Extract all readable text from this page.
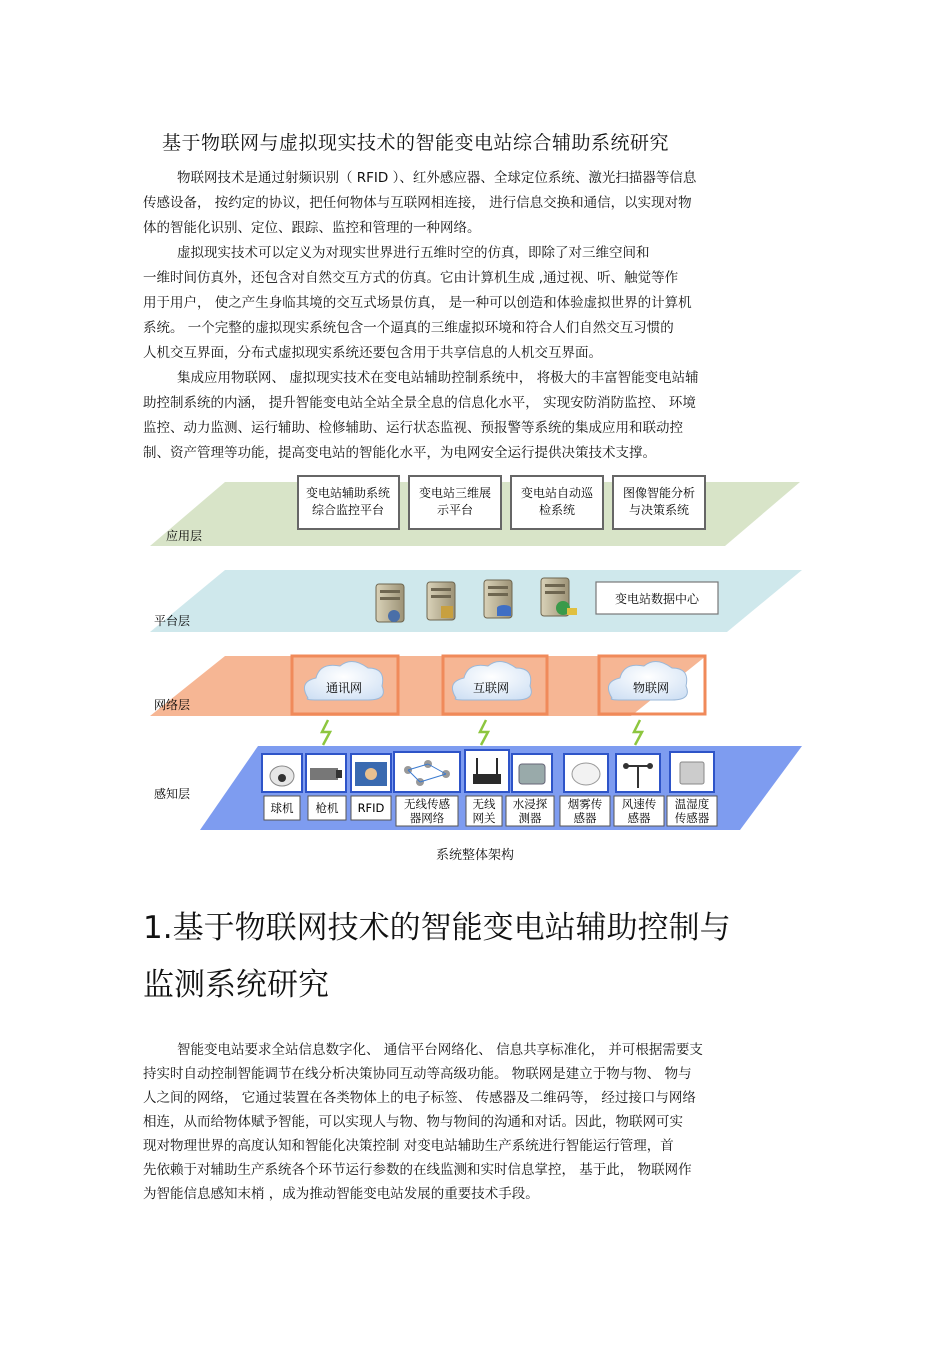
基于物联网与虚拟现实技术的智能变电站综合辅助系统研究
物联网技术是通过射频识别（ RFID ）、红外感应器、全球定位系统、激光扫描器等信息
传感设备， 按约定的协议，把任何物体与互联网相连接， 进行信息交换和通信，以实现对物
体的智能化识别、定位、跟踪、监控和管理的一种网络。
虚拟现实技术可以定义为对现实世界进行五维时空的仿真，即除了对三维空间和
一维时间仿真外，还包含对自然交互方式的仿真。它由计算机生成 ,通过视、听、触觉等作
用于用户， 使之产生身临其境的交互式场景仿真， 是一种可以创造和体验虚拟世界的计算机
系统。 一个完整的虚拟现实系统包含一个逼真的三维虚拟环境和符合人们自然交互习惯的
人机交互界面，分布式虚拟现实系统还要包含用于共享信息的人机交互界面。
集成应用物联网、 虚拟现实技术在变电站辅助控制系统中， 将极大的丰富智能变电站辅
助控制系统的内涵， 提升智能变电站全站全景全息的信息化水平， 实现安防消防监控、 环境
监控、动力监测、运行辅助、检修辅助、运行状态监视、预报警等系统的集成应用和联动控
制、资产管理等功能，提高变电站的智能化水平，为电网安全运行提供决策技术支撑。
应用层
变电站辅助系统
综合监控平台
变电站三维展
示平台
变电站自动巡
检系统
图像智能分析
与决策系统
平台层
变电站数据中心
网络层
通讯网	互联网	物联网
感知层
球机 枪机 RFID 无线传感
器网络
无线
网关
水浸探
测器
烟雾传
感器
风速传
感器
温湿度
传感器
系统整体架构
1.基于物联网技术的智能变电站辅助控制与
监测系统研究
智能变电站要求全站信息数字化、 通信平台网络化、 信息共享标准化， 并可根据需要支
持实时自动控制智能调节在线分析决策协同互动等高级功能。 物联网是建立于物与物、 物与
人之间的网络， 它通过装置在各类物体上的电子标签、 传感器及二维码等， 经过接口与网络
相连，从而给物体赋予智能，可以实现人与物、物与物间的沟通和对话。因此，物联网可实
现对物理世界的高度认知和智能化决策控制 对变电站辅助生产系统进行智能运行管理，首
先依赖于对辅助生产系统各个环节运行参数的在线监测和实时信息掌控， 基于此， 物联网作
为智能信息感知末梢 ，成为推动智能变电站发展的重要技术手段。
